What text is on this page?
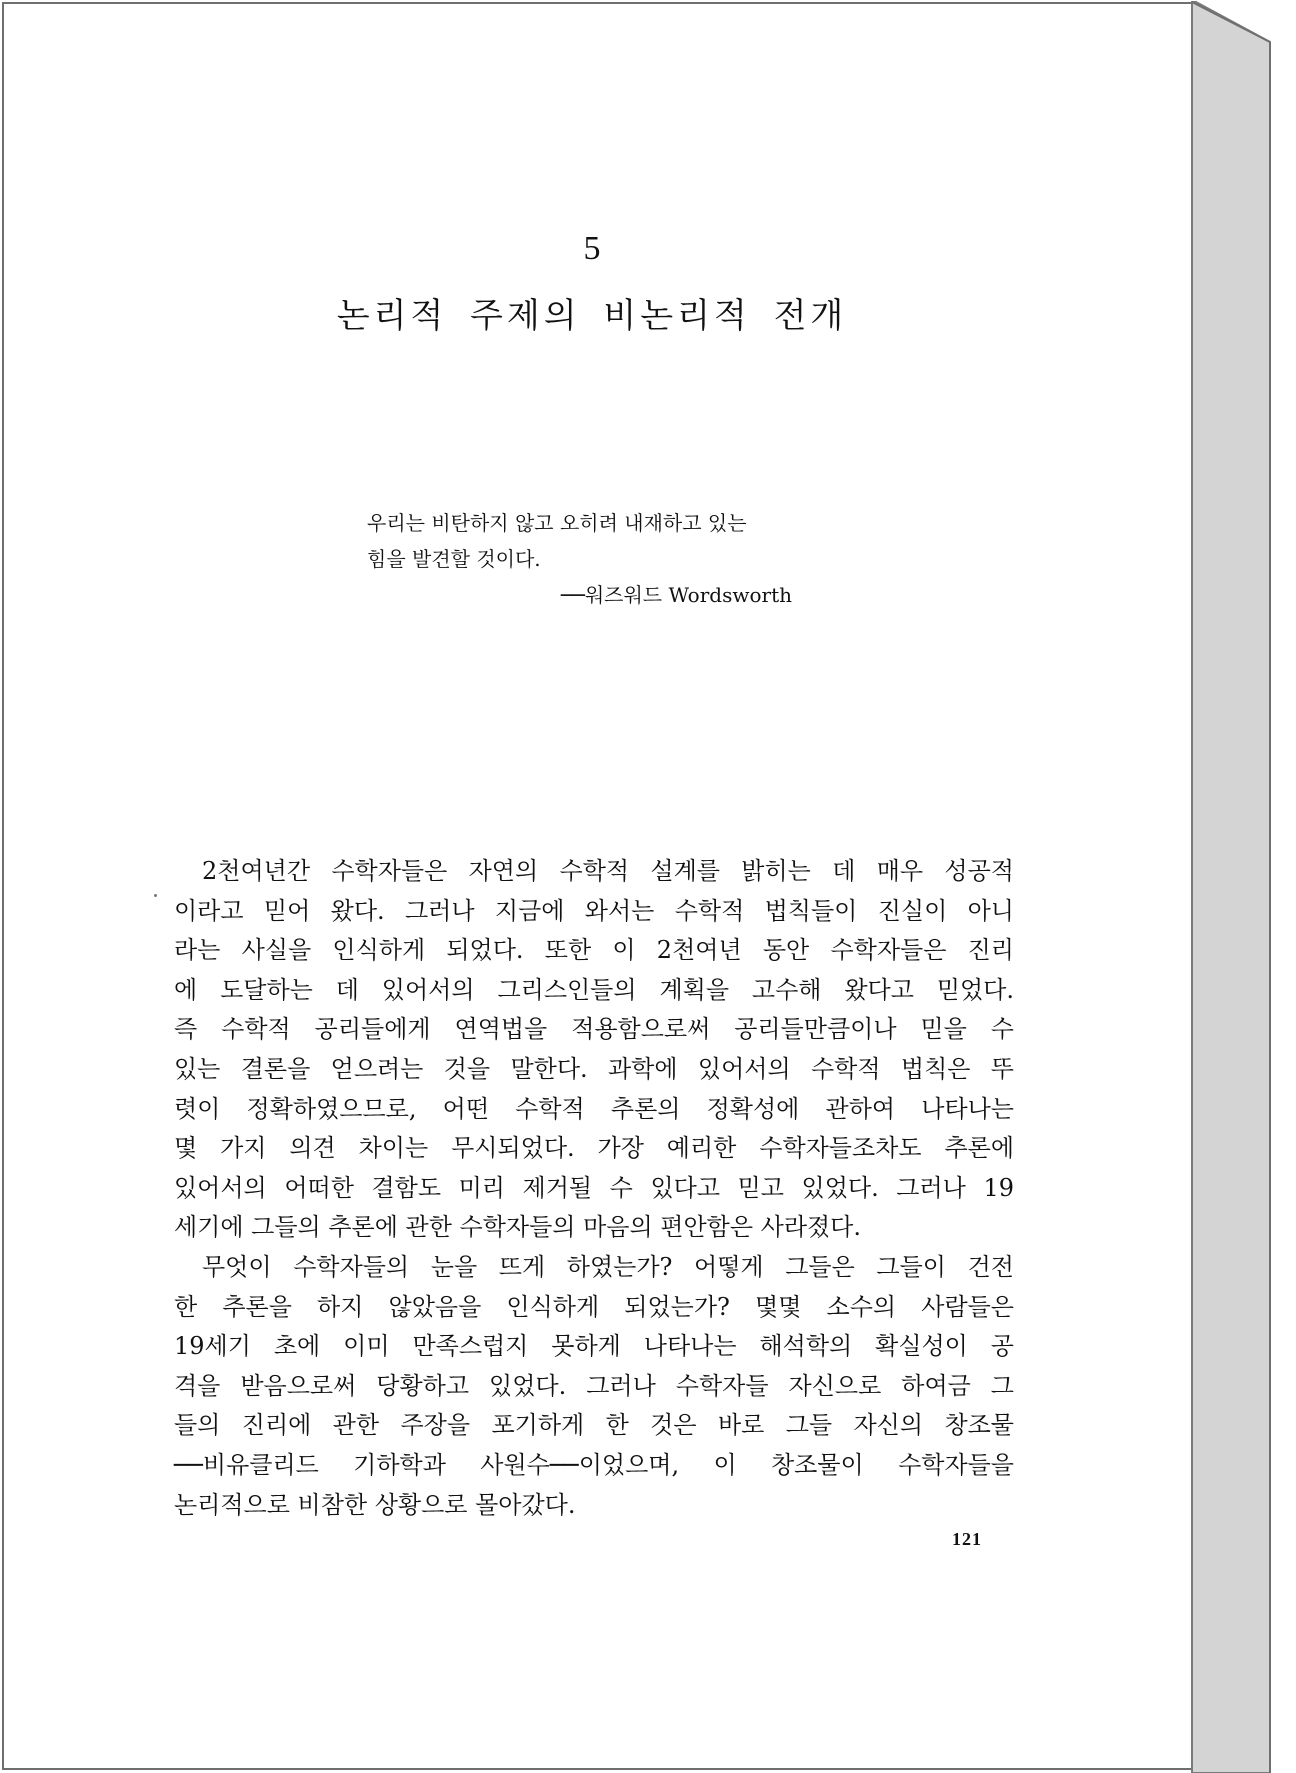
5
논리적 주제의 비논리적 전개
우리는 비탄하지 않고 오히려 내재하고 있는
힘을 발견할 것이다.
──워즈워드 Wordsworth
2천여년간 수학자들은 자연의 수학적 설계를 밝히는 데 매우 성공적
이라고 믿어 왔다. 그러나 지금에 와서는 수학적 법칙들이 진실이 아니
라는 사실을 인식하게 되었다. 또한 이 2천여년 동안 수학자들은 진리
에 도달하는 데 있어서의 그리스인들의 계획을 고수해 왔다고 믿었다.
즉 수학적 공리들에게 연역법을 적용함으로써 공리들만큼이나 믿을 수
있는 결론을 얻으려는 것을 말한다. 과학에 있어서의 수학적 법칙은 뚜
렷이 정확하였으므로, 어떤 수학적 추론의 정확성에 관하여 나타나는
몇 가지 의견 차이는 무시되었다. 가장 예리한 수학자들조차도 추론에
있어서의 어떠한 결함도 미리 제거될 수 있다고 믿고 있었다. 그러나 19
세기에 그들의 추론에 관한 수학자들의 마음의 편안함은 사라졌다.
무엇이 수학자들의 눈을 뜨게 하였는가? 어떻게 그들은 그들이 건전
한 추론을 하지 않았음을 인식하게 되었는가? 몇몇 소수의 사람들은
19세기 초에 이미 만족스럽지 못하게 나타나는 해석학의 확실성이 공
격을 받음으로써 당황하고 있었다. 그러나 수학자들 자신으로 하여금 그
들의 진리에 관한 주장을 포기하게 한 것은 바로 그들 자신의 창조물
──비유클리드 기하학과 사원수──이었으며, 이 창조물이 수학자들을
논리적으로 비참한 상황으로 몰아갔다.
121
